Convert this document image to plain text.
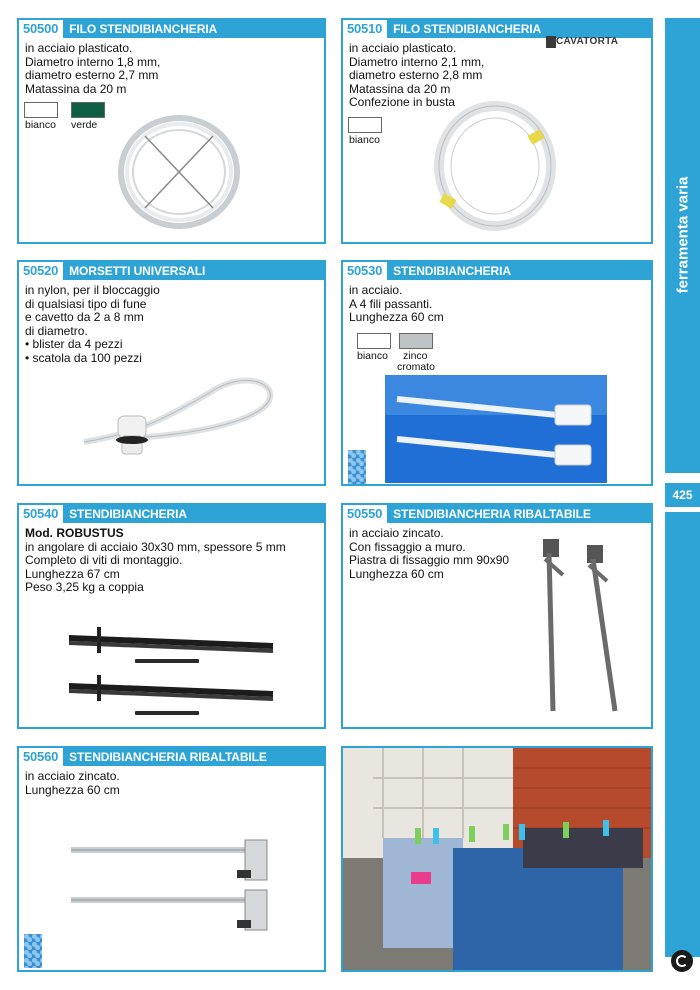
ferramenta varia
425
50500 FILO STENDIBIANCHERIA
in acciaio plasticato.
Diametro interno 1,8 mm,
diametro esterno 2,7 mm
Matassina da 20 m
bianco verde
50510 FILO STENDIBIANCHERIA
in acciaio plasticato.
Diametro interno 2,1 mm,
diametro esterno 2,8 mm
Matassina da 20 m
Confezione in busta
bianco
CAVATORTA
50520 MORSETTI UNIVERSALI
in nylon, per il bloccaggio
di qualsiasi tipo di fune
e cavetto da 2 a 8 mm
di diametro.
• blister da 4 pezzi
• scatola da 100 pezzi
50530 STENDIBIANCHERIA
in acciaio.
A 4 fili passanti.
Lunghezza 60 cm
bianco zinco
cromato
50540 STENDIBIANCHERIA
Mod. ROBUSTUS
in angolare di acciaio 30x30 mm, spessore 5 mm
Completo di viti di montaggio.
Lunghezza 67 cm
Peso 3,25 kg a coppia
50550 STENDIBIANCHERIA RIBALTABILE
in acciaio zincato.
Con fissaggio a muro.
Piastra di fissaggio mm 90x90
Lunghezza 60 cm
50560 STENDIBIANCHERIA RIBALTABILE
in acciaio zincato.
Lunghezza 60 cm
